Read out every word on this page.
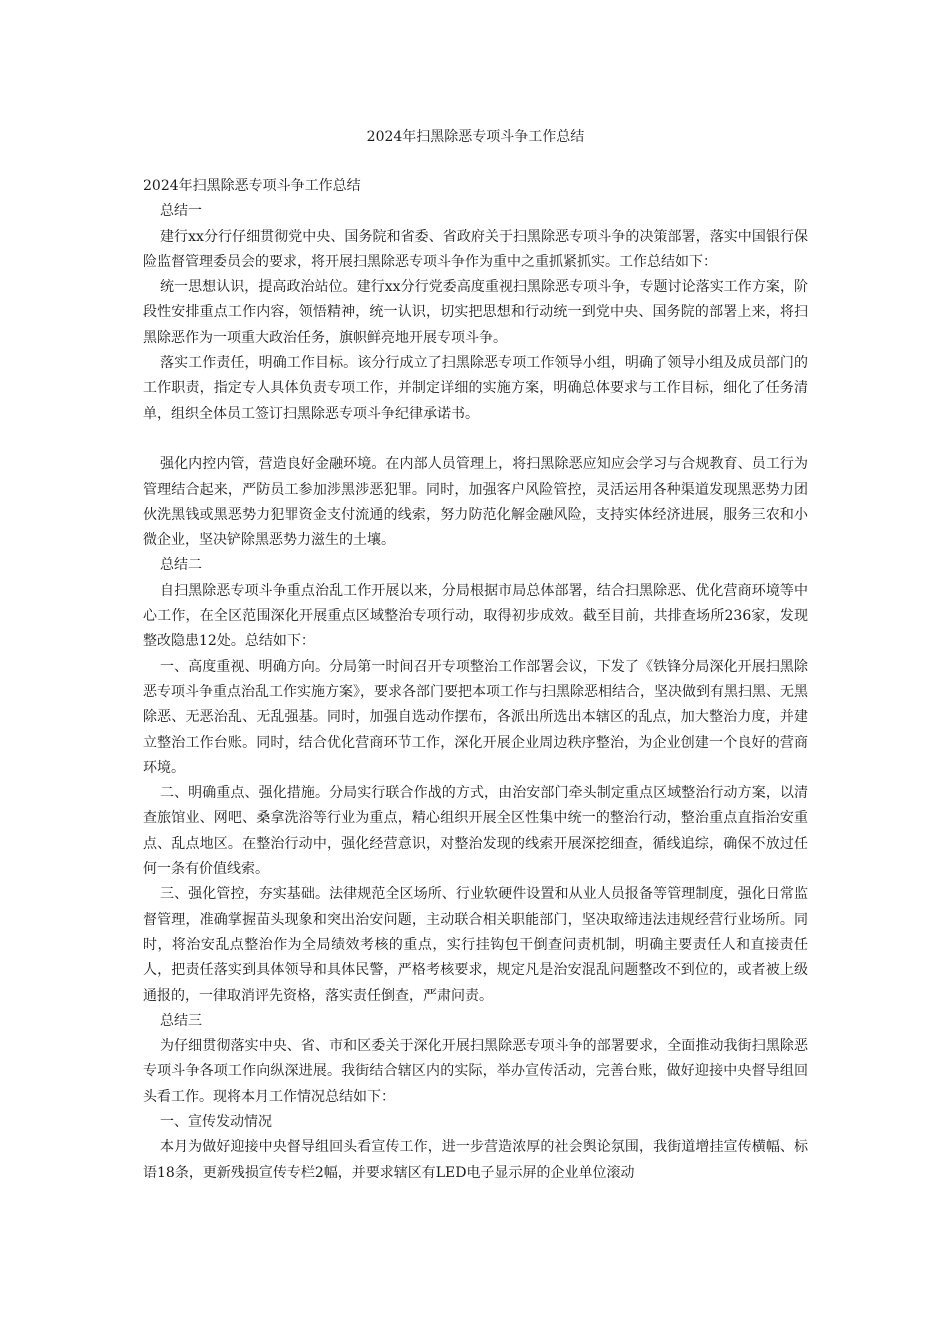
2024年扫黑除恶专项斗争工作总结

2024年扫黑除恶专项斗争工作总结

总结一

建行xx分行仔细贯彻党中央、国务院和省委、省政府关于扫黑除恶专项斗争的决策部署，落实中国银行保险监督管理委员会的要求，将开展扫黑除恶专项斗争作为重中之重抓紧抓实。工作总结如下：

统一思想认识，提高政治站位。建行xx分行党委高度重视扫黑除恶专项斗争，专题讨论落实工作方案，阶段性安排重点工作内容，领悟精神，统一认识，切实把思想和行动统一到党中央、国务院的部署上来，将扫黑除恶作为一项重大政治任务，旗帜鲜亮地开展专项斗争。

落实工作责任，明确工作目标。该分行成立了扫黑除恶专项工作领导小组，明确了领导小组及成员部门的工作职责，指定专人具体负责专项工作，并制定详细的实施方案，明确总体要求与工作目标，细化了任务清单，组织全体员工签订扫黑除恶专项斗争纪律承诺书。

强化内控内管，营造良好金融环境。在内部人员管理上，将扫黑除恶应知应会学习与合规教育、员工行为管理结合起来，严防员工参加涉黑涉恶犯罪。同时，加强客户风险管控，灵活运用各种渠道发现黑恶势力团伙洗黑钱或黑恶势力犯罪资金支付流通的线索，努力防范化解金融风险，支持实体经济进展，服务三农和小微企业，坚决铲除黑恶势力滋生的土壤。

总结二

自扫黑除恶专项斗争重点治乱工作开展以来，分局根据市局总体部署，结合扫黑除恶、优化营商环境等中心工作，在全区范围深化开展重点区域整治专项行动，取得初步成效。截至目前，共排查场所236家，发现整改隐患12处。总结如下：

一、高度重视、明确方向。分局第一时间召开专项整治工作部署会议，下发了《铁锋分局深化开展扫黑除恶专项斗争重点治乱工作实施方案》，要求各部门要把本项工作与扫黑除恶相结合，坚决做到有黑扫黑、无黑除恶、无恶治乱、无乱强基。同时，加强自选动作摆布，各派出所选出本辖区的乱点，加大整治力度，并建立整治工作台账。同时，结合优化营商环节工作，深化开展企业周边秩序整治，为企业创建一个良好的营商环境。

二、明确重点、强化措施。分局实行联合作战的方式，由治安部门牵头制定重点区域整治行动方案，以清查旅馆业、网吧、桑拿洗浴等行业为重点，精心组织开展全区性集中统一的整治行动，整治重点直指治安重点、乱点地区。在整治行动中，强化经营意识，对整治发现的线索开展深挖细查，循线追综，确保不放过任何一条有价值线索。

三、强化管控，夯实基础。法律规范全区场所、行业软硬件设置和从业人员报备等管理制度，强化日常监督管理，准确掌握苗头现象和突出治安问题，主动联合相关职能部门，坚决取缔违法违规经营行业场所。同时，将治安乱点整治作为全局绩效考核的重点，实行挂钩包干倒查问责机制，明确主要责任人和直接责任人，把责任落实到具体领导和具体民警，严格考核要求，规定凡是治安混乱问题整改不到位的，或者被上级通报的，一律取消评先资格，落实责任倒查，严肃问责。

总结三

为仔细贯彻落实中央、省、市和区委关于深化开展扫黑除恶专项斗争的部署要求，全面推动我街扫黑除恶专项斗争各项工作向纵深进展。我街结合辖区内的实际，举办宣传活动，完善台账，做好迎接中央督导组回头看工作。现将本月工作情况总结如下：

一、宣传发动情况

本月为做好迎接中央督导组回头看宣传工作，进一步营造浓厚的社会舆论氛围，我街道增挂宣传横幅、标语18条，更新残损宣传专栏2幅，并要求辖区有LED电子显示屏的企业单位滚动
